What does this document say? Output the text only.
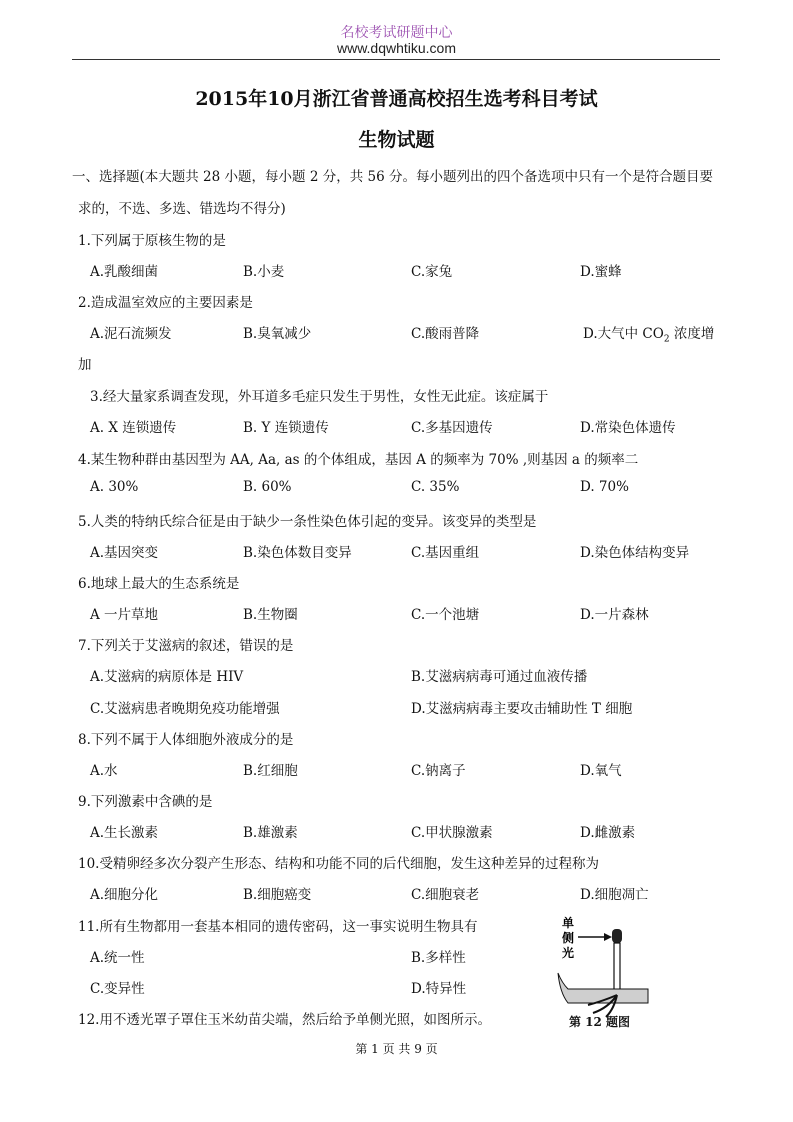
名校考试研题中心
www.dqwhtiku.com
2015年10月浙江省普通高校招生选考科目考试
生物试题
一、选择题(本大题共 28 小题，每小题 2 分，共 56 分。每小题列出的四个备选项中只有一个是符合题目要
求的，不选、多选、错选均不得分)
1.下列属于原核生物的是
A.乳酸细菌	B.小麦	C.家兔	D.蜜蜂
2.造成温室效应的主要因素是
A.泥石流频发	B.臭氧减少	C.酸雨普降	D.大气中 $CO_2$ 浓度增
加
3.经大量家系调查发现，外耳道多毛症只发生于男性，女性无此症。该症属于
A. X 连锁遗传	B. Y 连锁遗传	C.多基因遗传	D.常染色体遗传
4.某生物种群由基因型为 AA, Aa, as 的个体组成，基因 A 的频率为 70% ,则基因 a 的频率二
A. 30%	B. 60%	C. 35%	D. 70%
5.人类的特纳氏综合征是由于缺少一条性染色体引起的变异。该变异的类型是
A.基因突变	B.染色体数目变异	C.基因重组	D.染色体结构变异
6.地球上最大的生态系统是
A 一片草地	B.生物圈	C.一个池塘	D.一片森林
7.下列关于艾滋病的叙述，错误的是
A.艾滋病的病原体是 HIV	B.艾滋病病毒可通过血液传播
C.艾滋病患者晚期免疫功能增强	D.艾滋病病毒主要攻击辅助性 T 细胞
8.下列不属于人体细胞外液成分的是
A.水	B.红细胞	C.钠离子	D.氧气
9.下列激素中含碘的是
A.生长激素	B.雄激素	C.甲状腺激素	D.雌激素
10.受精卵经多次分裂产生形态、结构和功能不同的后代细胞，发生这种差异的过程称为
A.细胞分化	B.细胞癌变	C.细胞衰老	D.细胞凋亡
11.所有生物都用一套基本相同的遗传密码，这一事实说明生物具有
A.统一性	B.多样性
C.变异性	D.特异性
12.用不透光罩子罩住玉米幼苗尖端，然后给予单侧光照，如图所示。
单
侧
光
第 12 题图
第 1 页 共 9 页
